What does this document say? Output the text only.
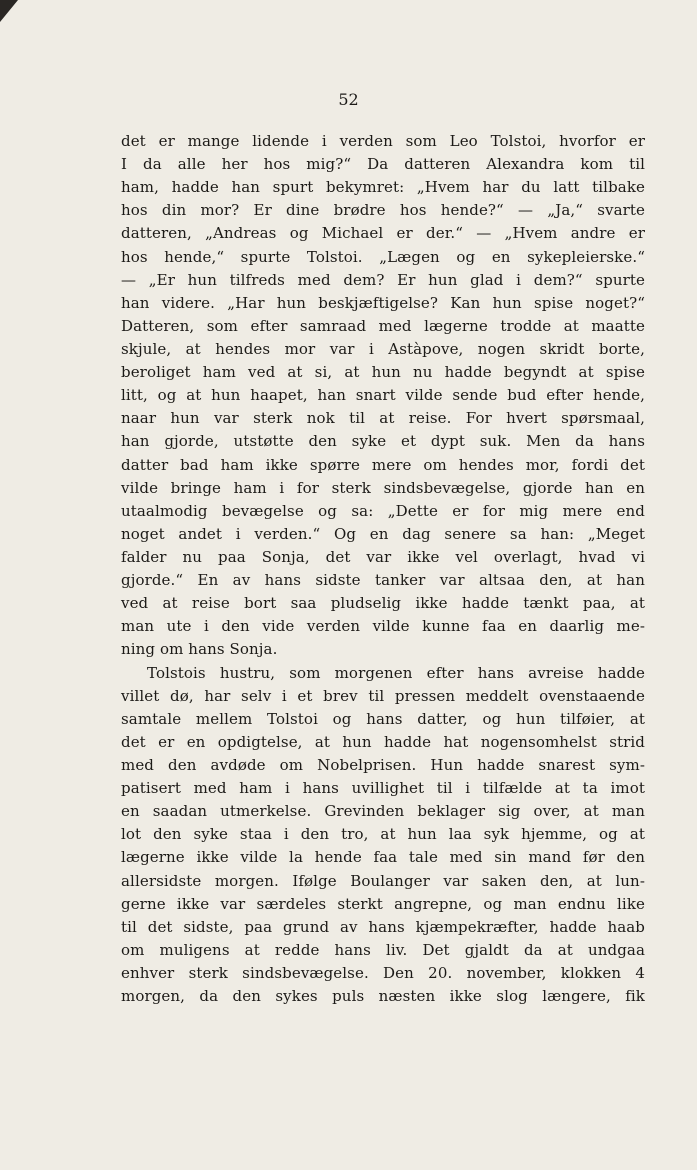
52
det er mange lidende i verden som Leo Tolstoi, hvorfor er
I da alle her hos mig?“ Da datteren Alexandra kom til
ham, hadde han spurt bekymret: „Hvem har du latt tilbake
hos din mor? Er dine brødre hos hende?“ — „Ja,“ svarte
datteren, „Andreas og Michael er der.“ — „Hvem andre er
hos hende,“ spurte Tolstoi. „Lægen og en sykepleierske.“
— „Er hun tilfreds med dem? Er hun glad i dem?“ spurte
han videre. „Har hun beskjæftigelse? Kan hun spise noget?“
Datteren, som efter samraad med lægerne trodde at maatte
skjule, at hendes mor var i Astàpove, nogen skridt borte,
beroliget ham ved at si, at hun nu hadde begyndt at spise
litt, og at hun haapet, han snart vilde sende bud efter hende,
naar hun var sterk nok til at reise. For hvert spørsmaal,
han gjorde, utstøtte den syke et dypt suk. Men da hans
datter bad ham ikke spørre mere om hendes mor, fordi det
vilde bringe ham i for sterk sindsbevægelse, gjorde han en
utaalmodig bevægelse og sa: „Dette er for mig mere end
noget andet i verden.“ Og en dag senere sa han: „Meget
falder nu paa Sonja, det var ikke vel overlagt, hvad vi
gjorde.“ En av hans sidste tanker var altsaa den, at han
ved at reise bort saa pludselig ikke hadde tænkt paa, at
man ute i den vide verden vilde kunne faa en daarlig me-
ning om hans Sonja.
Tolstois hustru, som morgenen efter hans avreise hadde
villet dø, har selv i et brev til pressen meddelt ovenstaaende
samtale mellem Tolstoi og hans datter, og hun tilføier, at
det er en opdigtelse, at hun hadde hat nogensomhelst strid
med den avdøde om Nobelprisen. Hun hadde snarest sym-
patisert med ham i hans uvillighet til i tilfælde at ta imot
en saadan utmerkelse. Grevinden beklager sig over, at man
lot den syke staa i den tro, at hun laa syk hjemme, og at
lægerne ikke vilde la hende faa tale med sin mand før den
allersidste morgen. Ifølge Boulanger var saken den, at lun-
gerne ikke var særdeles sterkt angrepne, og man endnu like
til det sidste, paa grund av hans kjæmpekræfter, hadde haab
om muligens at redde hans liv. Det gjaldt da at undgaa
enhver sterk sindsbevægelse. Den 20. november, klokken 4
morgen, da den sykes puls næsten ikke slog længere, fik
